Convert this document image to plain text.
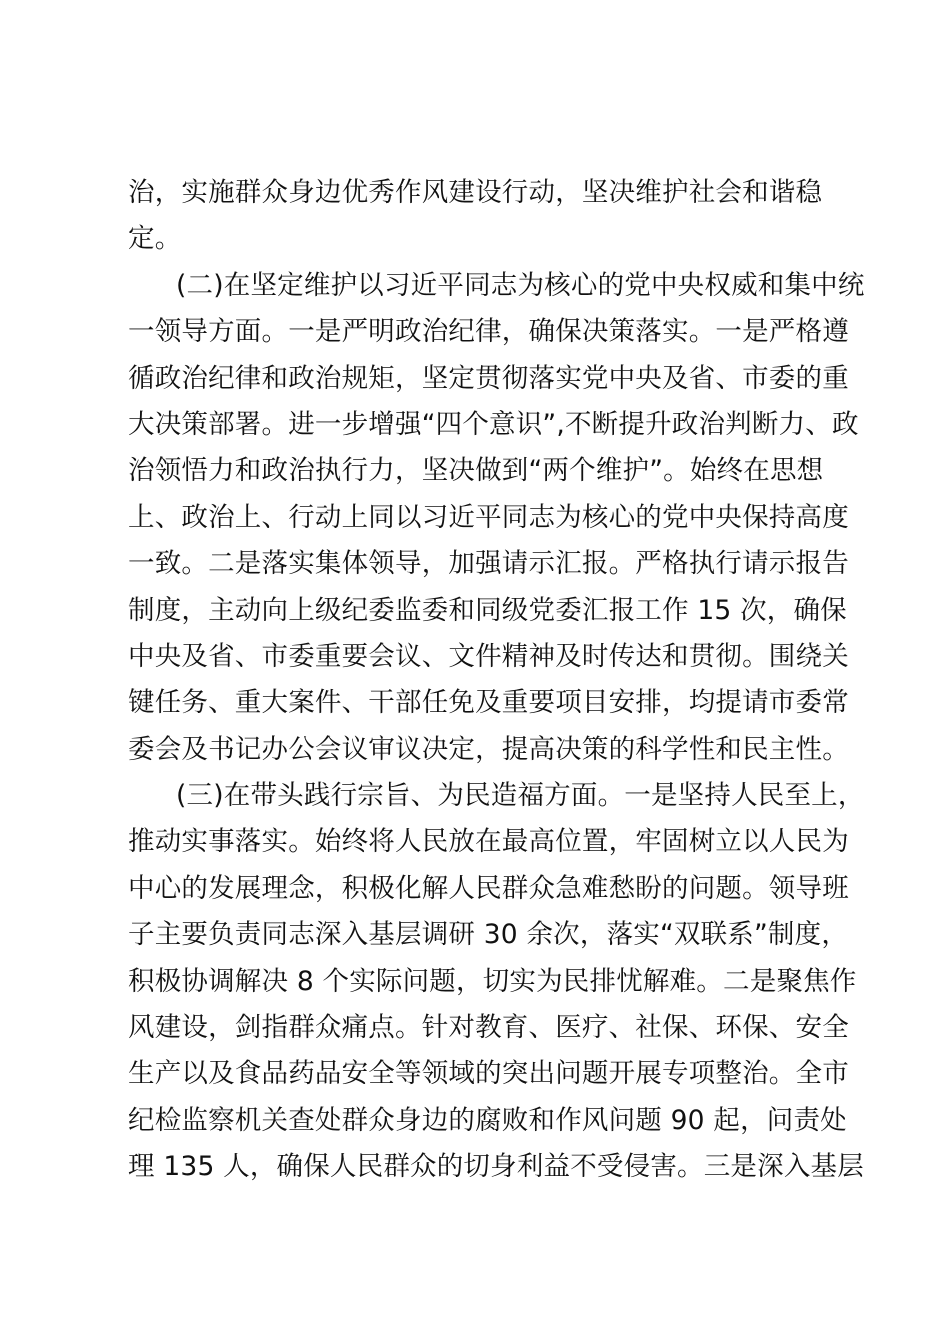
治，实施群众身边优秀作风建设行动，坚决维护社会和谐稳
定。
(二)在坚定维护以习近平同志为核心的党中央权威和集中统
一领导方面。一是严明政治纪律，确保决策落实。一是严格遵
循政治纪律和政治规矩，坚定贯彻落实党中央及省、市委的重
大决策部署。进一步增强“四个意识”,不断提升政治判断力、政
治领悟力和政治执行力，坚决做到“两个维护”。始终在思想
上、政治上、行动上同以习近平同志为核心的党中央保持高度
一致。二是落实集体领导，加强请示汇报。严格执行请示报告
制度，主动向上级纪委监委和同级党委汇报工作 15 次，确保
中央及省、市委重要会议、文件精神及时传达和贯彻。围绕关
键任务、重大案件、干部任免及重要项目安排，均提请市委常
委会及书记办公会议审议决定，提高决策的科学性和民主性。
(三)在带头践行宗旨、为民造福方面。一是坚持人民至上，
推动实事落实。始终将人民放在最高位置，牢固树立以人民为
中心的发展理念，积极化解人民群众急难愁盼的问题。领导班
子主要负责同志深入基层调研 30 余次，落实“双联系”制度，
积极协调解决 8 个实际问题，切实为民排忧解难。二是聚焦作
风建设，剑指群众痛点。针对教育、医疗、社保、环保、安全
生产以及食品药品安全等领域的突出问题开展专项整治。全市
纪检监察机关查处群众身边的腐败和作风问题 90 起，问责处
理 135 人，确保人民群众的切身利益不受侵害。三是深入基层
